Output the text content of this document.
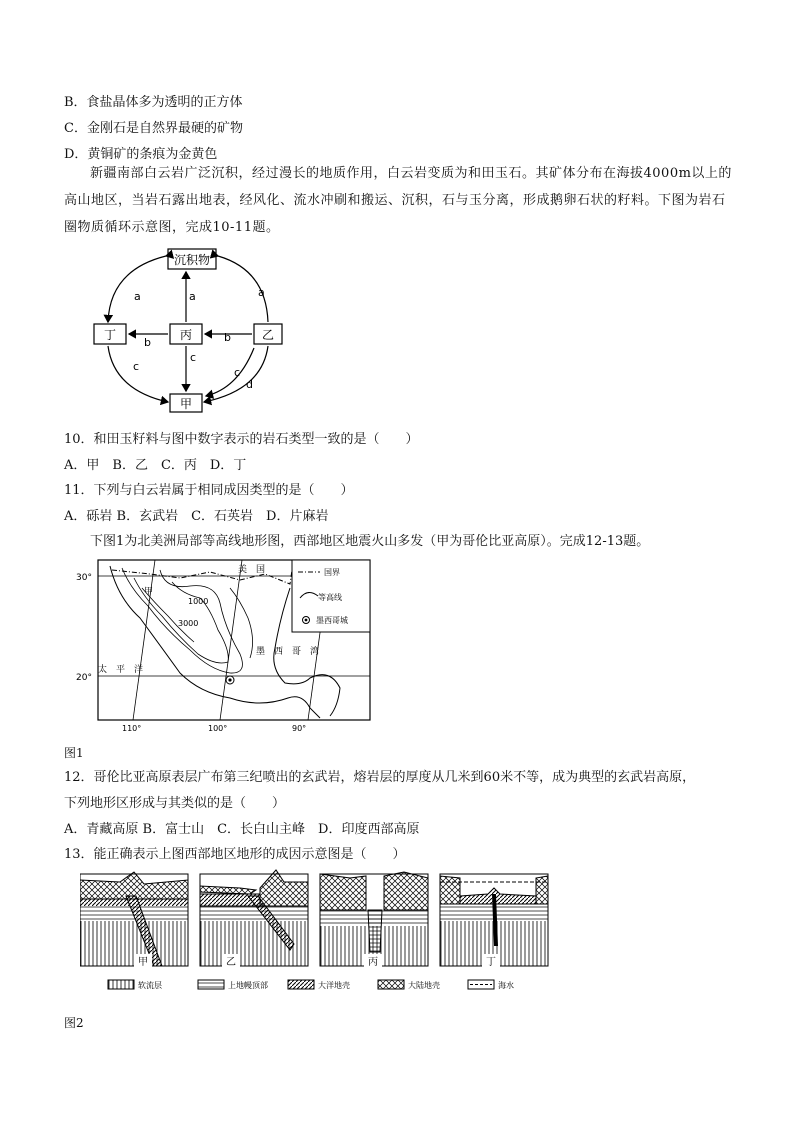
B．食盐晶体多为透明的正方体
C．金刚石是自然界最硬的矿物
D．黄铜矿的条痕为金黄色
新疆南部白云岩广泛沉积，经过漫长的地质作用，白云岩变质为和田玉石。其矿体分布在海拔4000m以上的高山地区，当岩石露出地表，经风化、流水冲刷和搬运、沉积，石与玉分离，形成鹅卵石状的籽料。下图为岩石圈物质循环示意图，完成10-11题。
沉积物
丁	丙	乙
甲
a	a	a
b	b
c
c
c
d
10．和田玉籽料与图中数字表示的岩石类型一致的是（　　）
A．甲　B．乙　C．丙　D．丁
11．下列与白云岩属于相同成因类型的是（　　）
A．砾岩 B．玄武岩　C．石英岩　D．片麻岩
下图1为北美洲局部等高线地形图，西部地区地震火山多发（甲为哥伦比亚高原）。完成12-13题。
30°
20°
110°	100°	90°
美　国
甲
1000
3000
太　平　洋
墨　西　哥　湾
国界
等高线
墨西哥城
图1
12．哥伦比亚高原表层广布第三纪喷出的玄武岩，熔岩层的厚度从几米到60米不等，成为典型的玄武岩高原，
下列地形区形成与其类似的是（　　）
A．青藏高原 B．富士山　C．长白山主峰　D．印度西部高原
13．能正确表示上图西部地区地形的成因示意图是（　　）
甲	乙	丙	丁
软流层	上地幔顶部	大洋地壳	大陆地壳	海水
图2
